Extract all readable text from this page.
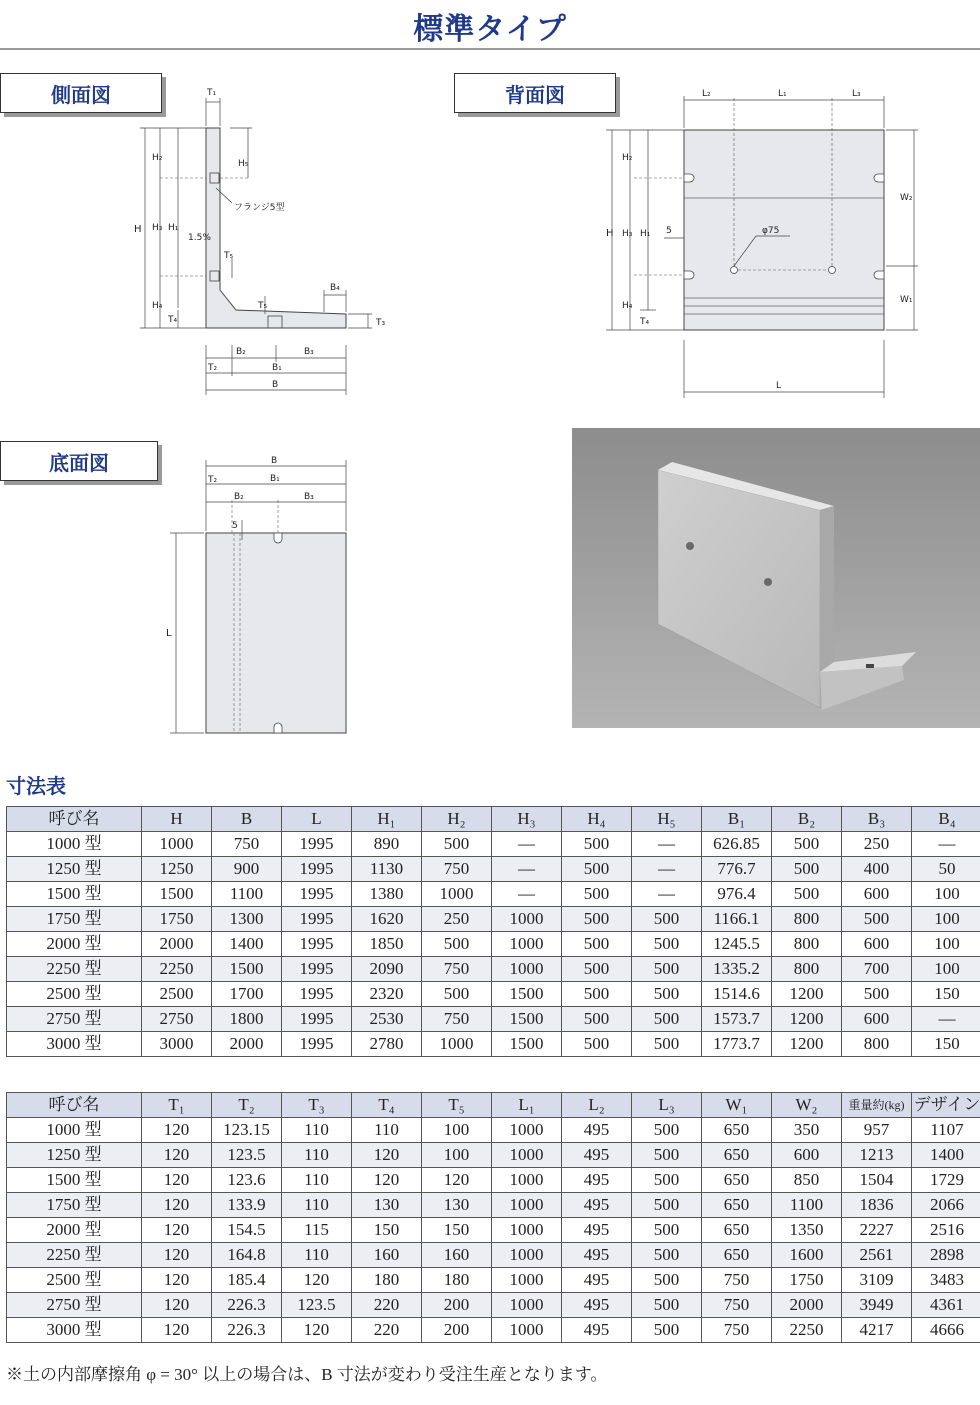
標準タイプ
側面図	背面図
底面図
T₁
H
H₂
H₃ H₁
H₄
T₄
H₅
フランジ5型
1.5%
T₅
T₅
B₄
T₃
B₂	B₃
T₂	B₁
B
L₂	L₁	L₃
H
H₂
H₃ H₁
H₄
T₄
5	φ75
W₂
W₁
L
B
T₂	B₁
B₂	B₃
5
L
寸法表
呼び名	H	B	L	H₁	H₂	H₃	H₄	H₅	B₁	B₂	B₃	B₄
1000 型	1000	750	1995	890	500	—	500	—	626.85	500	250	—
1250 型	1250	900	1995	1130	750	—	500	—	776.7	500	400	50
1500 型	1500	1100	1995	1380	1000	—	500	—	976.4	500	600	100
1750 型	1750	1300	1995	1620	250	1000	500	500	1166.1	800	500	100
2000 型	2000	1400	1995	1850	500	1000	500	500	1245.5	800	600	100
2250 型	2250	1500	1995	2090	750	1000	500	500	1335.2	800	700	100
2500 型	2500	1700	1995	2320	500	1500	500	500	1514.6	1200	500	150
2750 型	2750	1800	1995	2530	750	1500	500	500	1573.7	1200	600	—
3000 型	3000	2000	1995	2780	1000	1500	500	500	1773.7	1200	800	150
呼び名	T₁	T₂	T₃	T₄	T₅	L₁	L₂	L₃	W₁	W₂	重量約(kg)	デザイン
1000 型	120	123.15	110	110	100	1000	495	500	650	350	957	1107
1250 型	120	123.5	110	120	100	1000	495	500	650	600	1213	1400
1500 型	120	123.6	110	120	120	1000	495	500	650	850	1504	1729
1750 型	120	133.9	110	130	130	1000	495	500	650	1100	1836	2066
2000 型	120	154.5	115	150	150	1000	495	500	650	1350	2227	2516
2250 型	120	164.8	110	160	160	1000	495	500	650	1600	2561	2898
2500 型	120	185.4	120	180	180	1000	495	500	750	1750	3109	3483
2750 型	120	226.3	123.5	220	200	1000	495	500	750	2000	3949	4361
3000 型	120	226.3	120	220	200	1000	495	500	750	2250	4217	4666
※土の内部摩擦角 φ = 30° 以上の場合は、B 寸法が変わり受注生産となります。
